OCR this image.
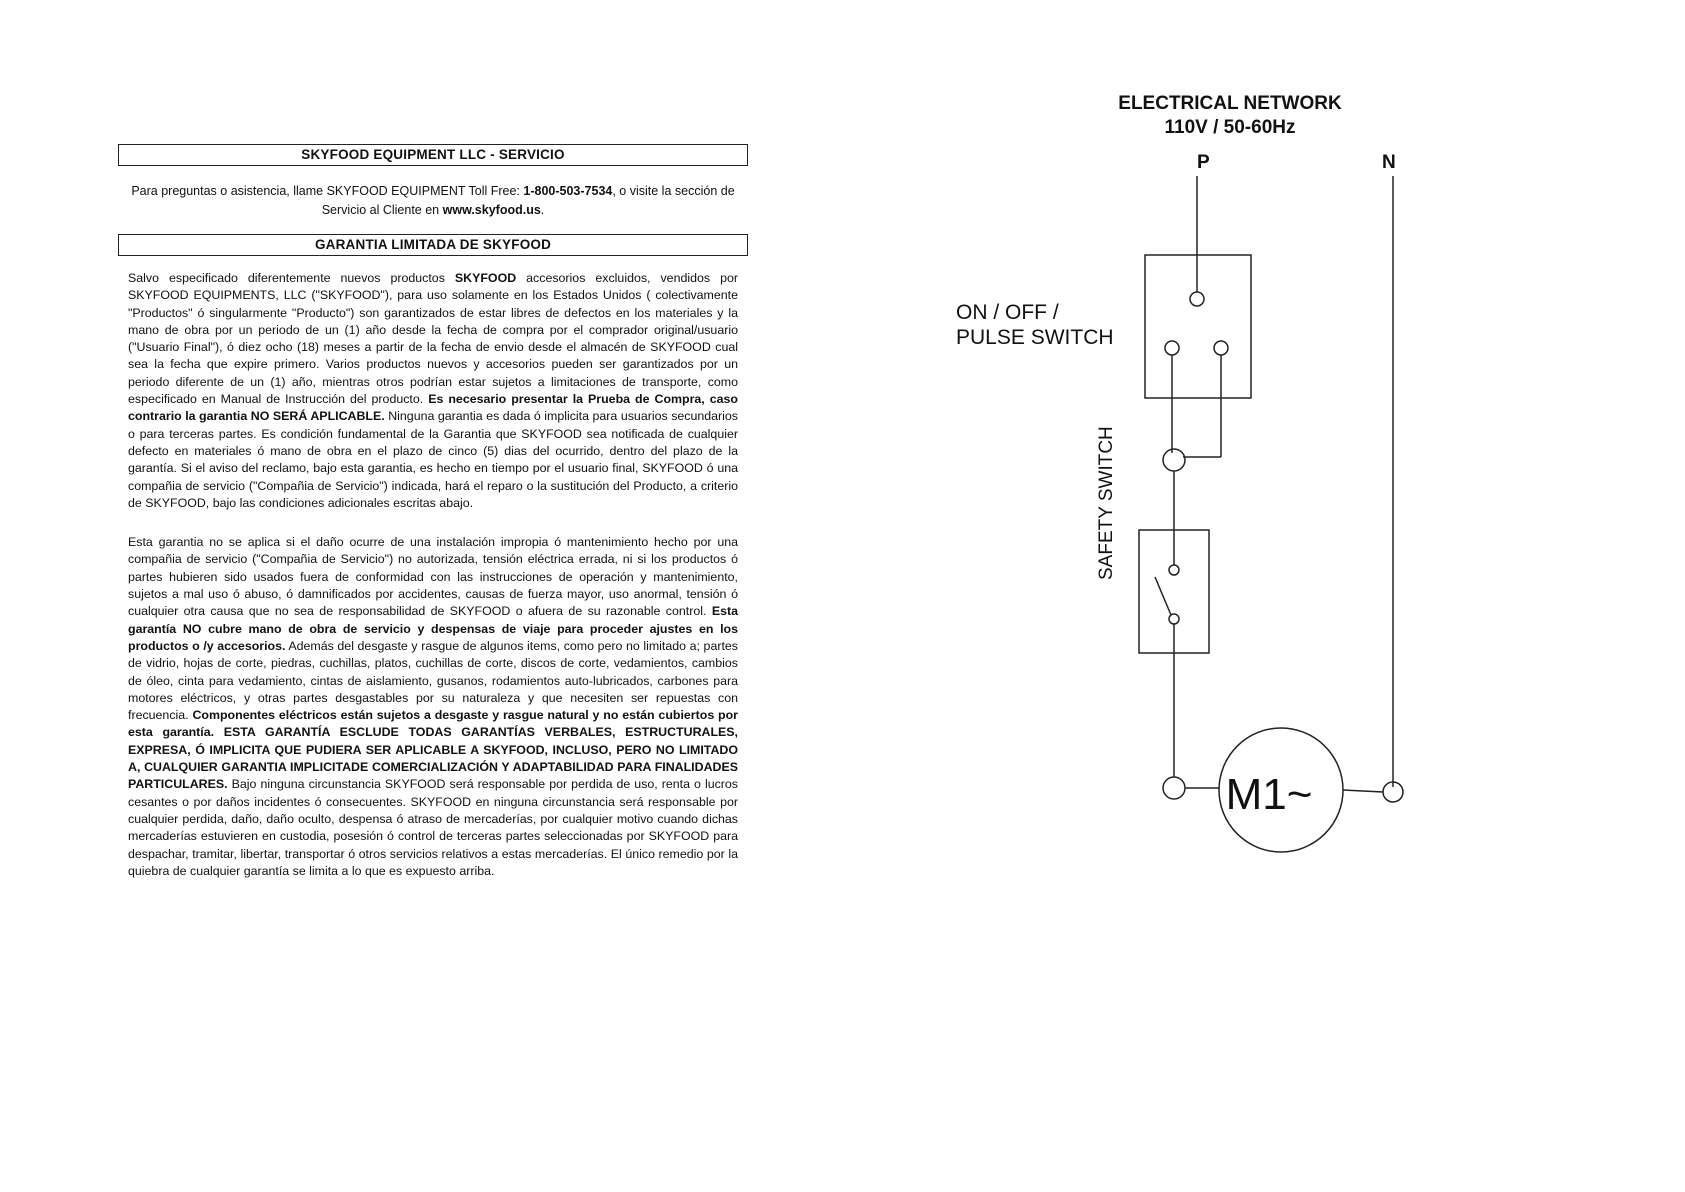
SKYFOOD EQUIPMENT LLC - SERVICIO
Para preguntas o asistencia, llame SKYFOOD EQUIPMENT Toll Free: 1-800-503-7534, o visite la sección de Servicio al Cliente en www.skyfood.us.
GARANTIA LIMITADA DE SKYFOOD

Salvo especificado diferentemente nuevos productos SKYFOOD accesorios excluidos, vendidos por SKYFOOD EQUIPMENTS, LLC ("SKYFOOD"), para uso solamente en los Estados Unidos ( colectivamente "Productos" ó singularmente "Producto") son garantizados de estar libres de defectos en los materiales y la mano de obra por un periodo de un (1) año desde la fecha de compra por el comprador original/usuario ("Usuario Final"), ó diez ocho (18) meses a partir de la fecha de envio desde el almacén de SKYFOOD cual sea la fecha que expire primero. Varios productos nuevos y accesorios pueden ser garantizados por un periodo diferente de un (1) año, mientras otros podrían estar sujetos a limitaciones de transporte, como especificado en Manual de Instrucción del producto. Es necesario presentar la Prueba de Compra, caso contrario la garantia NO SERÁ APLICABLE. Ninguna garantia es dada ó implicita para usuarios secundarios o para terceras partes. Es condición fundamental de la Garantia que SKYFOOD sea notificada de cualquier defecto en materiales ó mano de obra en el plazo de cinco (5) dias del ocurrido, dentro del plazo de la garantía. Si el aviso del reclamo, bajo esta garantia, es hecho en tiempo por el usuario final, SKYFOOD ó una compañia de servicio ("Compañia de Servicio") indicada, hará el reparo o la sustitución del Producto, a criterio de SKYFOOD, bajo las condiciones adicionales escritas abajo.

Esta garantia no se aplica si el daño ocurre de una instalación impropia ó mantenimiento hecho por una compañia de servicio ("Compañia de Servicio") no autorizada, tensión eléctrica errada, ni si los productos ó partes hubieren sido usados fuera de conformidad con las instrucciones de operación y mantenimiento, sujetos a mal uso ó abuso, ó damnificados por accidentes, causas de fuerza mayor, uso anormal, tensión ó cualquier otra causa que no sea de responsabilidad de SKYFOOD o afuera de su razonable control. Esta garantía NO cubre mano de obra de servicio y despensas de viaje para proceder ajustes en los productos o /y accesorios. Además del desgaste y rasgue de algunos items, como pero no limitado a; partes de vidrio, hojas de corte, piedras, cuchillas, platos, cuchillas de corte, discos de corte, vedamientos, cambios de óleo, cinta para vedamiento, cintas de aislamiento, gusanos, rodamientos auto-lubricados, carbones para motores eléctricos, y otras partes desgastables por su naturaleza y que necesiten ser repuestas con frecuencia. Componentes eléctricos están sujetos a desgaste y rasgue natural y no están cubiertos por esta garantía. ESTA GARANTÍA ESCLUDE TODAS GARANTÍAS VERBALES, ESTRUCTURALES, EXPRESA, Ó IMPLICITA QUE PUDIERA SER APLICABLE A SKYFOOD, INCLUSO, PERO NO LIMITADO A, CUALQUIER GARANTIA IMPLICITADE COMERCIALIZACIÓN Y ADAPTABILIDAD PARA FINALIDADES PARTICULARES. Bajo ninguna circunstancia SKYFOOD será responsable por perdida de uso, renta o lucros cesantes o por daños incidentes ó consecuentes. SKYFOOD en ninguna circunstancia será responsable por cualquier perdida, daño, daño oculto, despensa ó atraso de mercaderías, por cualquier motivo cuando dichas mercaderías estuvieren en custodia, posesión ó control de terceras partes seleccionadas por SKYFOOD para despachar, tramitar, libertar, transportar ó otros servicios relativos a estas mercaderías. El único remedio por la quiebra de cualquier garantía se limita a lo que es expuesto arriba.

ELECTRICAL NETWORK
110V / 50-60Hz
P	N
ON / OFF /
PULSE SWITCH
SAFETY SWITCH
M1~
